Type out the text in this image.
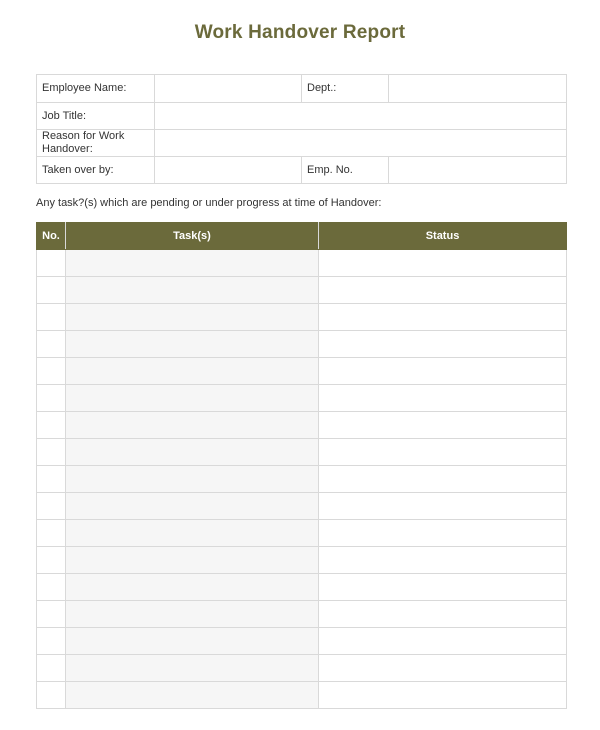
Work Handover Report
Employee Name:		Dept.:	
Job Title:			
Reason for Work Handover:			
Taken over by:		Emp. No.	
Any task?(s) which are pending or under progress at time of Handover:
No.	Task(s)	Status
